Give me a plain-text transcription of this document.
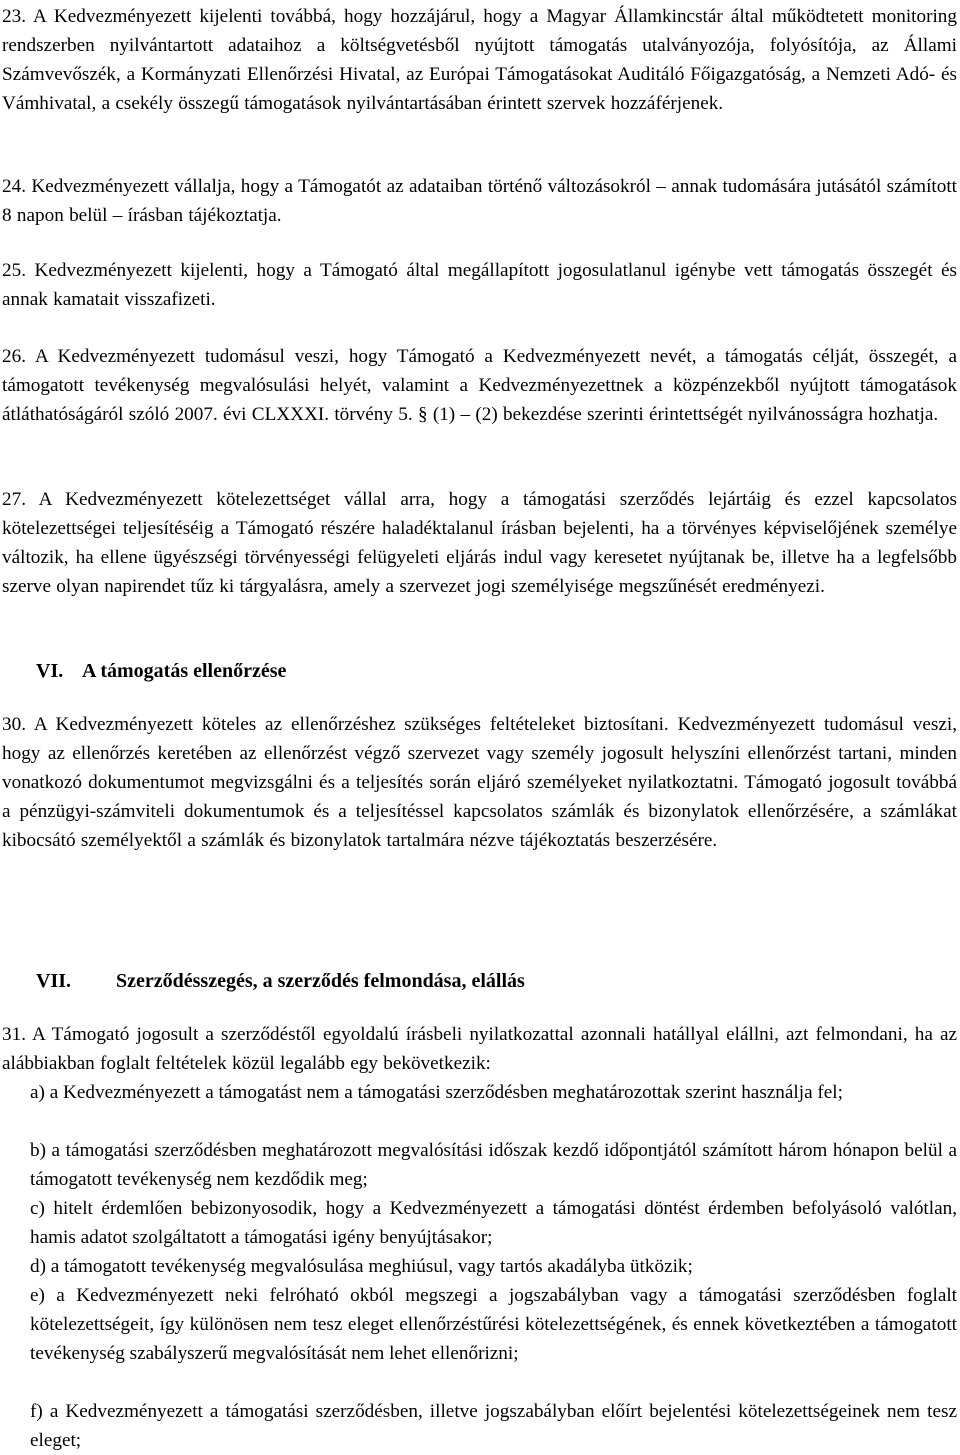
23. A Kedvezményezett kijelenti továbbá, hogy hozzájárul, hogy a Magyar Államkincstár által működtetett monitoring rendszerben nyilvántartott adataihoz a költségvetésből nyújtott támogatás utalványozója, folyósítója, az Állami Számvevőszék, a Kormányzati Ellenőrzési Hivatal, az Európai Támogatásokat Auditáló Főigazgatóság, a Nemzeti Adó- és Vámhivatal, a csekély összegű támogatások nyilvántartásában érintett szervek hozzáférjenek.
24. Kedvezményezett vállalja, hogy a Támogatót az adataiban történő változásokról – annak tudomására jutásától számított 8 napon belül – írásban tájékoztatja.
25. Kedvezményezett kijelenti, hogy a Támogató által megállapított jogosulatlanul igénybe vett támogatás összegét és annak kamatait visszafizeti.
26. A Kedvezményezett tudomásul veszi, hogy Támogató a Kedvezményezett nevét, a támogatás célját, összegét, a támogatott tevékenység megvalósulási helyét, valamint a Kedvezményezettnek a közpénzekből nyújtott támogatások átláthatóságáról szóló 2007. évi CLXXXI. törvény 5. § (1) – (2) bekezdése szerinti érintettségét nyilvánosságra hozhatja.
27. A Kedvezményezett kötelezettséget vállal arra, hogy a támogatási szerződés lejártáig és ezzel kapcsolatos kötelezettségei teljesítéséig a Támogató részére haladéktalanul írásban bejelenti, ha a törvényes képviselőjének személye változik, ha ellene ügyészségi törvényességi felügyeleti eljárás indul vagy keresetet nyújtanak be, illetve ha a legfelsőbb szerve olyan napirendet tűz ki tárgyalásra, amely a szervezet jogi személyisége megszűnését eredményezi.
VI. A támogatás ellenőrzése
30. A Kedvezményezett köteles az ellenőrzéshez szükséges feltételeket biztosítani. Kedvezményezett tudomásul veszi, hogy az ellenőrzés keretében az ellenőrzést végző szervezet vagy személy jogosult helyszíni ellenőrzést tartani, minden vonatkozó dokumentumot megvizsgálni és a teljesítés során eljáró személyeket nyilatkoztatni. Támogató jogosult továbbá a pénzügyi-számviteli dokumentumok és a teljesítéssel kapcsolatos számlák és bizonylatok ellenőrzésére, a számlákat kibocsátó személyektől a számlák és bizonylatok tartalmára nézve tájékoztatás beszerzésére.
VII. Szerződésszegés, a szerződés felmondása, elállás
31. A Támogató jogosult a szerződéstől egyoldalú írásbeli nyilatkozattal azonnali hatállyal elállni, azt felmondani, ha az alábbiakban foglalt feltételek közül legalább egy bekövetkezik:
a) a Kedvezményezett a támogatást nem a támogatási szerződésben meghatározottak szerint használja fel;
b) a támogatási szerződésben meghatározott megvalósítási időszak kezdő időpontjától számított három hónapon belül a támogatott tevékenység nem kezdődik meg;
c) hitelt érdemlően bebizonyosodik, hogy a Kedvezményezett a támogatási döntést érdemben befolyásoló valótlan, hamis adatot szolgáltatott a támogatási igény benyújtásakor;
d) a támogatott tevékenység megvalósulása meghiúsul, vagy tartós akadályba ütközik;
e) a Kedvezményezett neki felróható okból megszegi a jogszabályban vagy a támogatási szerződésben foglalt kötelezettségeit, így különösen nem tesz eleget ellenőrzéstűrési kötelezettségének, és ennek következtében a támogatott tevékenység szabályszerű megvalósítását nem lehet ellenőrizni;
f) a Kedvezményezett a támogatási szerződésben, illetve jogszabályban előírt bejelentési kötelezettségeinek nem tesz eleget;
